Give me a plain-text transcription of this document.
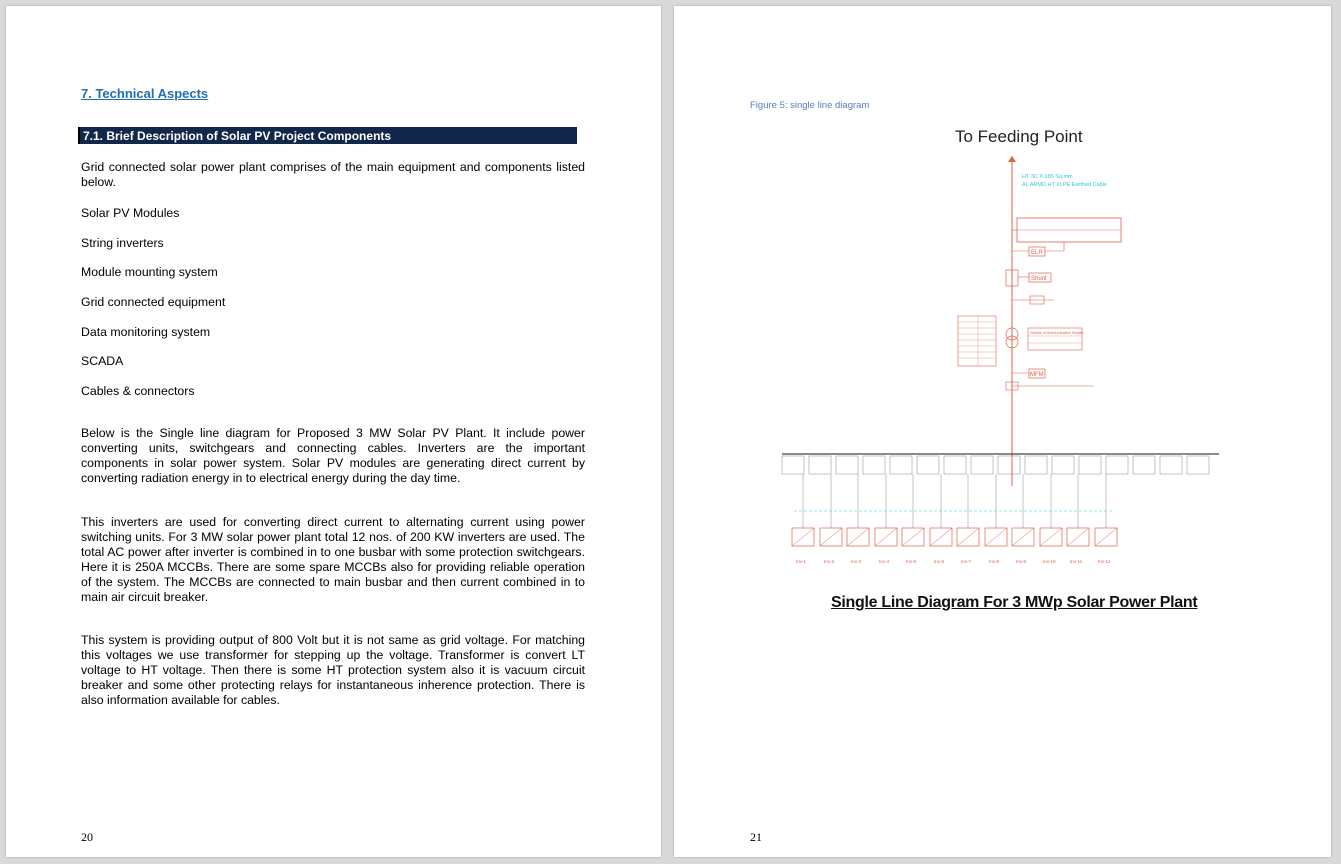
7. Technical Aspects
7.1. Brief Description of Solar PV Project Components

Grid connected solar power plant comprises of the main equipment and components listed below.

Solar PV Modules
String inverters
Module mounting system
Grid connected equipment
Data monitoring system
SCADA
Cables & connectors

Below is the Single line diagram for Proposed 3 MW Solar PV Plant. It include power converting units, switchgears and connecting cables. Inverters are the important components in solar power system. Solar PV modules are generating direct current by converting radiation energy in to electrical energy during the day time.

This inverters are used for converting direct current to alternating current using power switching units. For 3 MW solar power plant total 12 nos. of 200 KW inverters are used. The total AC power after inverter is combined in to one busbar with some protection switchgears. Here it is 250A MCCBs. There are some spare MCCBs also for providing reliable operation of the system. The MCCBs are connected to main busbar and then current combined in to main air circuit breaker.

This system is providing output of 800 Volt but it is not same as grid voltage. For matching this voltages we use transformer for stepping up the voltage. Transformer is convert LT voltage to HT voltage. Then there is some HT protection system also it is vacuum circuit breaker and some other protecting relays for instantaneous inherence protection. There is also information available for cables.

20
Figure 5: single line diagram
To Feeding Point
HT 3C X 185 Sq.mm
AL ARMD HT XLPE Earthed Cable
ELR
Shunt
Details of Ammunization Details
MFM
Inv-1	Inv-2	Inv-3	Inv-4	Inv-5	Inv-6	Inv-7	Inv-8	Inv-9	Inv-10	Inv-11	Inv-12
Single Line Diagram For 3 MWp Solar Power Plant
21
